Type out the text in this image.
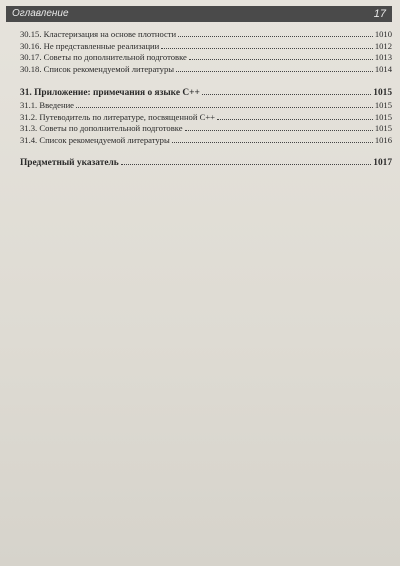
Оглавление	17
30.15. Кластеризация на основе плотности	1010
30.16. Не представленные реализации	1012
30.17. Советы по дополнительной подготовке	1013
30.18. Список рекомендуемой литературы	1014
31. Приложение: примечания о языке C++	1015
31.1. Введение	1015
31.2. Путеводитель по литературе, посвященной C++	1015
31.3. Советы по дополнительной подготовке	1015
31.4. Список рекомендуемой литературы	1016
Предметный указатель	1017
